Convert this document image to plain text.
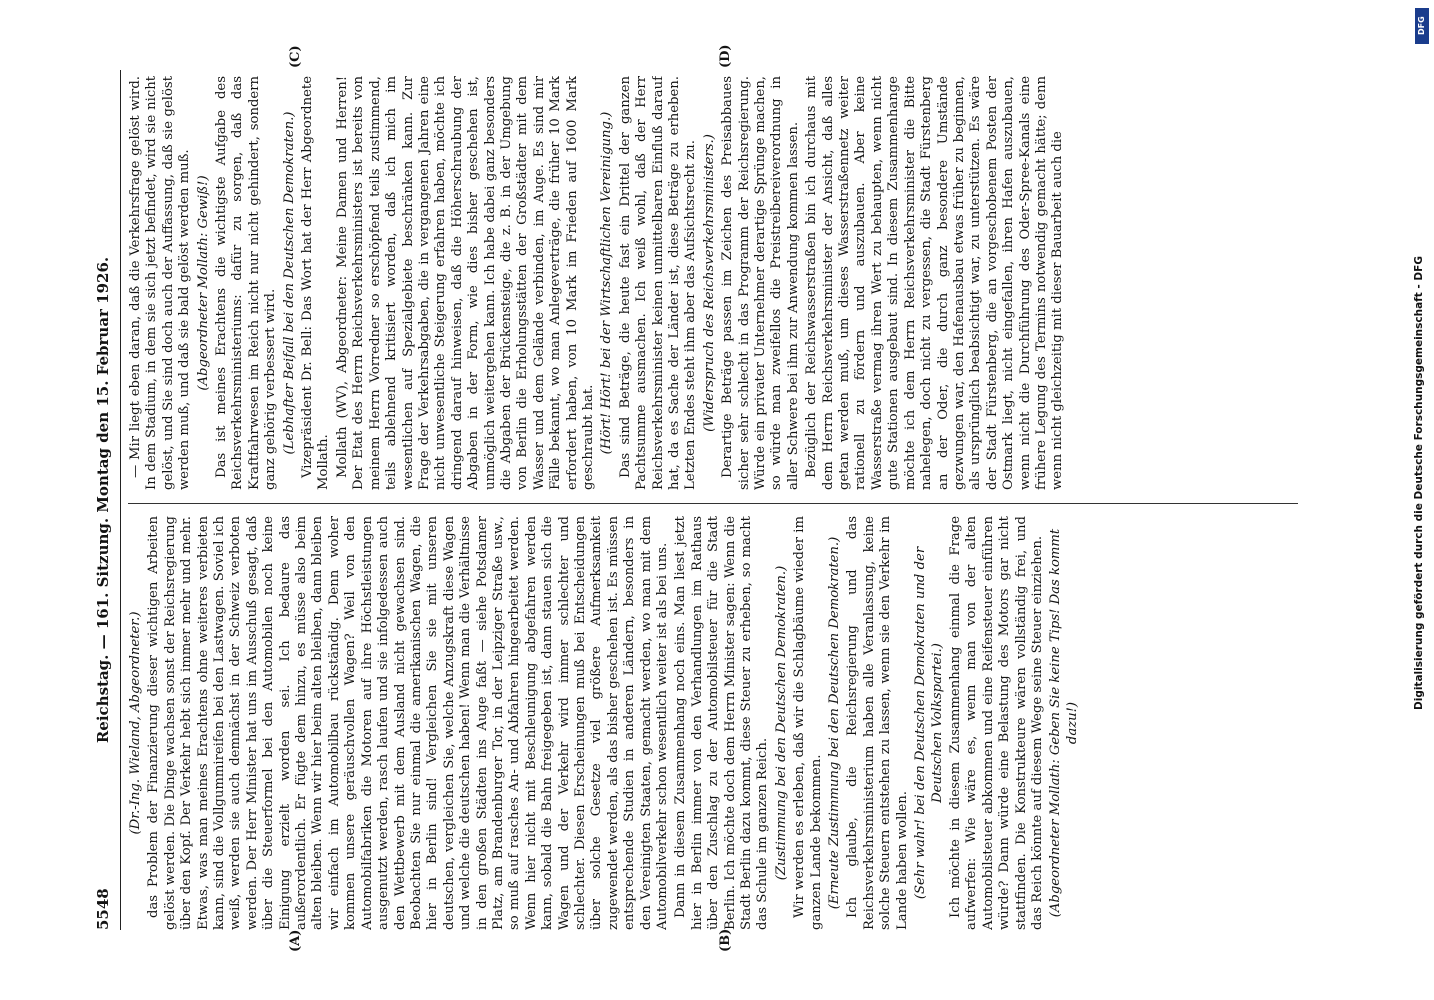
5548
Reichstag. — 161. Sitzung. Montag den 15. Februar 1926. (Dr.-Ing. Wieland, Abgeordneter.) das Problem der Finanzierung dieser wichtigen Arbeiten gelöst werden. Die Dinge wachsen sonst der Reichsregierung über den Kopf. Der Verkehr hebt sich immer mehr und mehr. Etwas, was man meines Erachtens ohne weiteres verbieten kann, sind die Vollgummireifen bei den Lastwagen. Soviel ich weiß, werden sie auch demnächst in der Schweiz verboten werden. Der Herr Minister hat uns im Ausschuß gesagt, daß über die Steuerformel bei den Automobilen noch keine Einigung erzielt worden sei. Ich bedaure das außerordentlich. Er fügte dem hinzu, es müsse also beim alten bleiben. Wenn wir hier beim alten bleiben, dann bleiben wir einfach im Automobilbau rückständig. Denn woher kommen unsere geräuschvollen Wagen? Weil von den Automobilfabriken die Motoren auf ihre Höchstleistungen ausgenutzt werden, rasch laufen und sie infolgedessen auch den Wettbewerb mit dem Ausland nicht gewachsen sind. Beobachten Sie nur einmal die amerikanischen Wagen, die hier in Berlin sind! Vergleichen Sie sie mit unseren deutschen, vergleichen Sie, welche Anzugskraft diese Wagen und welche die deutschen haben! Wenn man die Verhältnisse in den großen Städten ins Auge faßt — siehe Potsdamer Platz, am Brandenburger Tor, in der Leipziger Straße usw., so muß auf rasches An- und Abfahren hingearbeitet werden. Wenn hier nicht mit Beschleunigung abgefahren werden kann, sobald die Bahn freigegeben ist, dann stauen sich die Wagen und der Verkehr wird immer schlechter und schlechter. Diesen Erscheinungen muß bei Entscheidungen über solche Gesetze viel größere Aufmerksamkeit zugewendet werden, als das bisher geschehen ist. Es müssen entsprechende Studien in anderen Ländern, besonders in den Vereinigten Staaten, gemacht werden, wo man mit dem Automobilverkehr schon wesentlich weiter ist als bei uns. Dann in diesem Zusammenhang noch eins. Man liest jetzt hier in Berlin immer von den Verhandlungen im Rathaus über den Zuschlag zu der Automobilsteuer für die Stadt Berlin. Ich möchte doch dem Herrn Minister sagen: Wenn die Stadt Berlin dazu kommt, diese Steuer zu erheben, so macht das Schule im ganzen Reich. (Zustimmung bei den Deutschen Demokraten.) Wir werden es erleben, daß wir die Schlagbäume wieder im ganzen Lande bekommen. (Erneute Zustimmung bei den Deutschen Demokraten.) Ich glaube, die Reichsregierung und das Reichsverkehrsministerium haben alle Veranlassung, keine solche Steuern entstehen zu lassen, wenn sie den Verkehr im Lande haben wollen. (Sehr wahr! bei den Deutschen Demokraten und der Deutschen Volkspartei.) Ich möchte in diesem Zusammenhang einmal die Frage aufwerfen: Wie wäre es, wenn man von der alten Automobilsteuer abkommen und eine Reifensteuer einführen würde? Dann würde eine Belastung des Motors gar nicht stattfinden. Die Konstrukteure wären vollständig frei, und das Reich könnte auf diesem Wege seine Steuer einziehen. (Abgeordneter Mollath: Geben Sie keine Tips! Das kommt dazu!)

— Mir liegt eben daran, daß die Verkehrsfrage gelöst wird. In dem Stadium, in dem sie sich jetzt befindet, wird sie nicht gelöst, und Sie sind doch auch der Auffassung, daß sie gelöst werden muß, und daß sie bald gelöst werden muß. (Abgeordneter Mollath: Gewiß!) Das ist meines Erachtens die wichtigste Aufgabe des Reichsverkehrsministeriums: dafür zu sorgen, daß das Kraftfahrwesen im Reich nicht nur nicht gehindert, sondern ganz gehörig verbessert wird. (Lebhafter Beifall bei den Deutschen Demokraten.) Vizepräsident Dr. Bell: Das Wort hat der Herr Abgeordnete Mollath. Mollath (WV), Abgeordneter: Meine Damen und Herren! Der Etat des Herrn Reichsverkehrsministers ist bereits von meinem Herrn Vorredner so erschöpfend teils zustimmend, teils ablehnend kritisiert worden, daß ich mich im wesentlichen auf Spezialgebiete beschränken kann. Zur Frage der Verkehrsabgaben, die in vergangenen Jahren eine nicht unwesentliche Steigerung erfahren haben, möchte ich dringend darauf hinweisen, daß die Höherschraubung der Abgaben in der Form, wie dies bisher geschehen ist, unmöglich weitergehen kann. Ich habe dabei ganz besonders die Abgaben der Brückensteige, die z. B. in der Umgebung von Berlin die Erholungsstätten der Großstädter mit dem Wasser und dem Gelände verbinden, im Auge. Es sind mir Fälle bekannt, wo man Anlegeverträge, die früher 10 Mark erfordert haben, von 10 Mark im Frieden auf 1600 Mark geschraubt hat. (Hört! Hört! bei der Wirtschaftlichen Vereinigung.) Das sind Beträge, die heute fast ein Drittel der ganzen Pachtsumme ausmachen. Ich weiß wohl, daß der Herr Reichsverkehrsminister keinen unmittelbaren Einfluß darauf hat, da es Sache der Länder ist, diese Beträge zu erheben. Letzten Endes steht ihm aber das Aufsichtsrecht zu. (Widerspruch des Reichsverkehrsministers.) Derartige Beträge passen im Zeichen des Preisabbaues sicher sehr schlecht in das Programm der Reichsregierung. Würde ein privater Unternehmer derartige Sprünge machen, so würde man zweifellos die Preistreibereiverordnung in aller Schwere bei ihm zur Anwendung kommen lassen. Bezüglich der Reichswasserstraßen bin ich durchaus mit dem Herrn Reichsverkehrsminister der Ansicht, daß alles getan werden muß, um dieses Wasserstraßennetz weiter rationell zu fördern und auszubauen. Aber keine Wasserstraße vermag ihren Wert zu behaupten, wenn nicht gute Stationen ausgebaut sind. In diesem Zusammenhange möchte ich dem Herrn Reichsverkehrsminister die Bitte nahelegen, doch nicht zu vergessen, die Stadt Fürstenberg an der Oder, die durch ganz besondere Umstände gezwungen war, den Hafenausbau etwas früher zu beginnen, als ursprünglich beabsichtigt war, zu unterstützen. Es wäre der Stadt Fürstenberg, die an vorgeschobenem Posten der Ostmark liegt, nicht eingefallen, ihren Hafen auszubauen, wenn nicht die Durchführung des Oder-Spree-Kanals eine frühere Legung des Termins notwendig gemacht hätte; denn wenn nicht gleichzeitig mit dieser Bauarbeit auch die

(A)	(B)
(C)	(D)
DFG
Digitalisierung gefördert durch die Deutsche Forschungsgemeinschaft - DFG
